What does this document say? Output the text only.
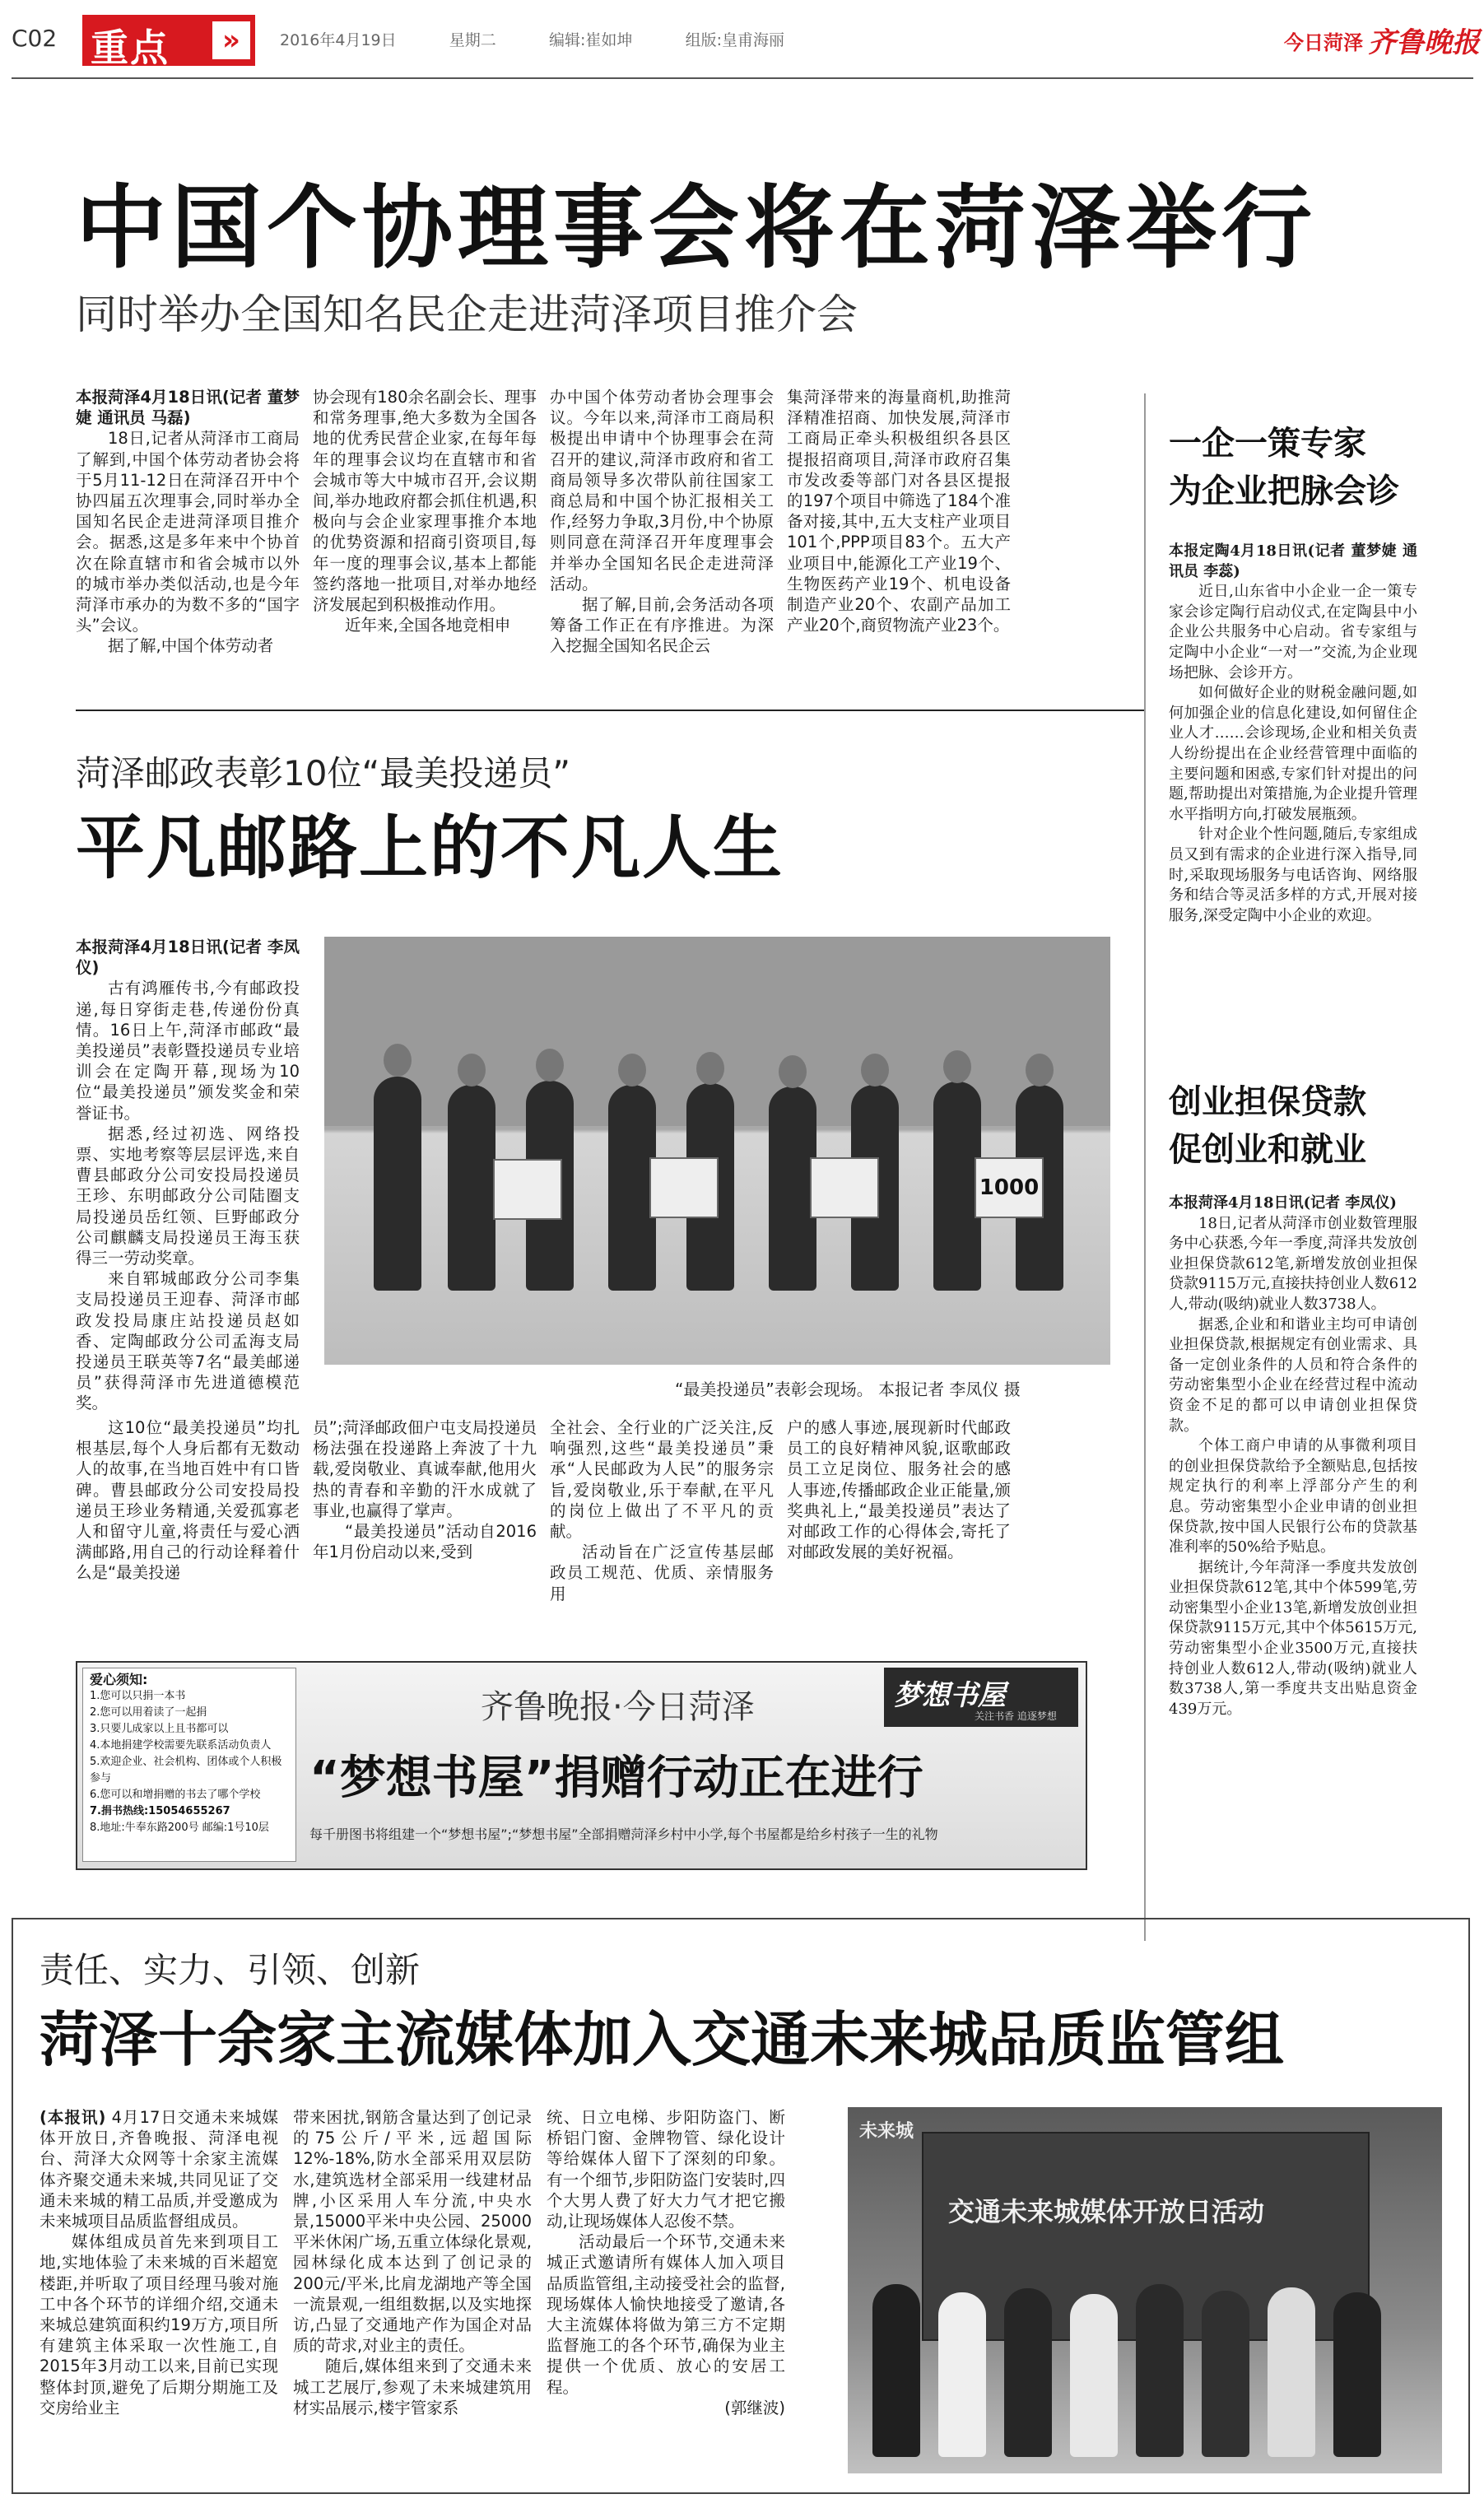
C02 重点	»	2016年4月19日	星期二	编辑:崔如坤	组版:皇甫海丽	今日菏泽 齐鲁晚报
中国个协理事会将在菏泽举行
同时举办全国知名民企走进菏泽项目推介会

本报菏泽4月18日讯(记者 董梦婕 通讯员 马磊)

18日,记者从菏泽市工商局了解到,中国个体劳动者协会将于5月11-12日在菏泽召开中个协四届五次理事会,同时举办全国知名民企走进菏泽项目推介会。据悉,这是多年来中个协首次在除直辖市和省会城市以外的城市举办类似活动,也是今年菏泽市承办的为数不多的“国字头”会议。

据了解,中国个体劳动者

协会现有180余名副会长、理事和常务理事,绝大多数为全国各地的优秀民营企业家,在每年每年的理事会议均在直辖市和省会城市等大中城市召开,会议期间,举办地政府都会抓住机遇,积极向与会企业家理事推介本地的优势资源和招商引资项目,每年一度的理事会议,基本上都能签约落地一批项目,对举办地经济发展起到积极推动作用。

近年来,全国各地竞相申

办中国个体劳动者协会理事会议。今年以来,菏泽市工商局积极提出申请中个协理事会在菏召开的建议,菏泽市政府和省工商局领导多次带队前往国家工商总局和中国个协汇报相关工作,经努力争取,3月份,中个协原则同意在菏泽召开年度理事会并举办全国知名民企走进菏泽活动。

据了解,目前,会务活动各项筹备工作正在有序推进。为深入挖掘全国知名民企云

集菏泽带来的海量商机,助推菏泽精准招商、加快发展,菏泽市工商局正牵头积极组织各县区提报招商项目,菏泽市政府召集市发改委等部门对各县区提报的197个项目中筛选了184个准备对接,其中,五大支柱产业项目101个,PPP项目83个。五大产业项目中,能源化工产业19个、生物医药产业19个、机电设备制造产业20个、农副产品加工产业20个,商贸物流产业23个。

一企一策专家
为企业把脉会诊

本报定陶4月18日讯(记者 董梦婕 通讯员 李蕊)

近日,山东省中小企业一企一策专家会诊定陶行启动仪式,在定陶县中小企业公共服务中心启动。省专家组与定陶中小企业“一对一”交流,为企业现场把脉、会诊开方。

如何做好企业的财税金融问题,如何加强企业的信息化建设,如何留住企业人才……会诊现场,企业和相关负责人纷纷提出在企业经营管理中面临的主要问题和困惑,专家们针对提出的问题,帮助提出对策措施,为企业提升管理水平指明方向,打破发展瓶颈。

针对企业个性问题,随后,专家组成员又到有需求的企业进行深入指导,同时,采取现场服务与电话咨询、网络服务和结合等灵活多样的方式,开展对接服务,深受定陶中小企业的欢迎。

创业担保贷款
促创业和就业

本报菏泽4月18日讯(记者 李凤仪)

18日,记者从菏泽市创业数管理服务中心获悉,今年一季度,菏泽共发放创业担保贷款612笔,新增发放创业担保贷款9115万元,直接扶持创业人数612人,带动(吸纳)就业人数3738人。

据悉,企业和和谐业主均可申请创业担保贷款,根据规定有创业需求、具备一定创业条件的人员和符合条件的劳动密集型小企业在经营过程中流动资金不足的都可以申请创业担保贷款。

个体工商户申请的从事微利项目的创业担保贷款给予全额贴息,包括按规定执行的利率上浮部分产生的利息。劳动密集型小企业申请的创业担保贷款,按中国人民银行公布的贷款基准利率的50%给予贴息。

据统计,今年菏泽一季度共发放创业担保贷款612笔,其中个体599笔,劳动密集型小企业13笔,新增发放创业担保贷款9115万元,其中个体5615万元,劳动密集型小企业3500万元,直接扶持创业人数612人,带动(吸纳)就业人数3738人,第一季度共支出贴息资金439万元。

菏泽邮政表彰10位“最美投递员”
平凡邮路上的不凡人生

本报菏泽4月18日讯(记者 李凤仪)

古有鸿雁传书,今有邮政投递,每日穿街走巷,传递份份真情。16日上午,菏泽市邮政“最美投递员”表彰暨投递员专业培训会在定陶开幕,现场为10位“最美投递员”颁发奖金和荣誉证书。

据悉,经过初选、网络投票、实地考察等层层评选,来自曹县邮政分公司安投局投递员王珍、东明邮政分公司陆圈支局投递员岳红领、巨野邮政分公司麒麟支局投递员王海玉获得三一劳动奖章。

来自郓城邮政分公司李集支局投递员王迎春、菏泽市邮政发投局康庄站投递员赵如香、定陶邮政分公司孟海支局投递员王联英等7名“最美邮递员”获得菏泽市先进道德模范奖。

1000
“最美投递员”表彰会现场。 本报记者 李凤仪 摄

这10位“最美投递员”均扎根基层,每个人身后都有无数动人的故事,在当地百姓中有口皆碑。曹县邮政分公司安投局投递员王珍业务精通,关爱孤寡老人和留守儿童,将责任与爱心洒满邮路,用自己的行动诠释着什么是“最美投递

员”;菏泽邮政佃户屯支局投递员杨法强在投递路上奔波了十九载,爱岗敬业、真诚奉献,他用火热的青春和辛勤的汗水成就了事业,也赢得了掌声。

“最美投递员”活动自2016年1月份启动以来,受到

全社会、全行业的广泛关注,反响强烈,这些“最美投递员”秉承“人民邮政为人民”的服务宗旨,爱岗敬业,乐于奉献,在平凡的岗位上做出了不平凡的贡献。

活动旨在广泛宣传基层邮政员工规范、优质、亲情服务用

户的感人事迹,展现新时代邮政员工的良好精神风貌,讴歌邮政员工立足岗位、服务社会的感人事迹,传播邮政企业正能量,颁奖典礼上,“最美投递员”表达了对邮政工作的心得体会,寄托了对邮政发展的美好祝福。

爱心须知:
1.您可以只捐一本书
2.您可以用着读了一起捐
3.只要儿成家以上且书都可以
4.本地捐建学校需要先联系活动负责人
5.欢迎企业、社会机构、团体或个人积极参与
6.您可以和增捐赠的书去了哪个学校
7.捐书热线:15054655267
8.地址:牛奉东路200号 邮编:1号10层
齐鲁晚报·今日菏泽
“梦想书屋”捐赠行动正在进行
每千册图书将组建一个“梦想书屋”;“梦想书屋”全部捐赠菏泽乡村中小学,每个书屋都是给乡村孩子一生的礼物
梦想书屋
关注书香 追逐梦想
责任、实力、引领、创新
菏泽十余家主流媒体加入交通未来城品质监管组

(本报讯) 4月17日交通未来城媒体开放日,齐鲁晚报、菏泽电视台、菏泽大众网等十余家主流媒体齐聚交通未来城,共同见证了交通未来城的精工品质,并受邀成为未来城项目品质监督组成员。

媒体组成员首先来到项目工地,实地体验了未来城的百米超宽楼距,并听取了项目经理马骏对施工中各个环节的详细介绍,交通未来城总建筑面积约19万方,项目所有建筑主体采取一次性施工,自2015年3月动工以来,目前已实现整体封顶,避免了后期分期施工及交房给业主

带来困扰,钢筋含量达到了创记录的75公斤/平米,远超国际12%-18%,防水全部采用双层防水,建筑选材全部采用一线建材品牌,小区采用人车分流,中央水景,15000平米中央公园、25000平米休闲广场,五重立体绿化景观,园林绿化成本达到了创记录的200元/平米,比肩龙湖地产等全国一流景观,一组组数据,以及实地探访,凸显了交通地产作为国企对品质的苛求,对业主的责任。

随后,媒体组来到了交通未来城工艺展厅,参观了未来城建筑用材实品展示,楼宇管家系

统、日立电梯、步阳防盗门、断桥铝门窗、金牌物管、绿化设计等给媒体人留下了深刻的印象。有一个细节,步阳防盗门安装时,四个大男人费了好大力气才把它搬动,让现场媒体人忍俊不禁。

活动最后一个环节,交通未来城正式邀请所有媒体人加入项目品质监管组,主动接受社会的监督,现场媒体人愉快地接受了邀请,各大主流媒体将做为第三方不定期监督施工的各个环节,确保为业主提供一个优质、放心的安居工程。

(郭继波)

交通未来城媒体开放日活动
未来城
